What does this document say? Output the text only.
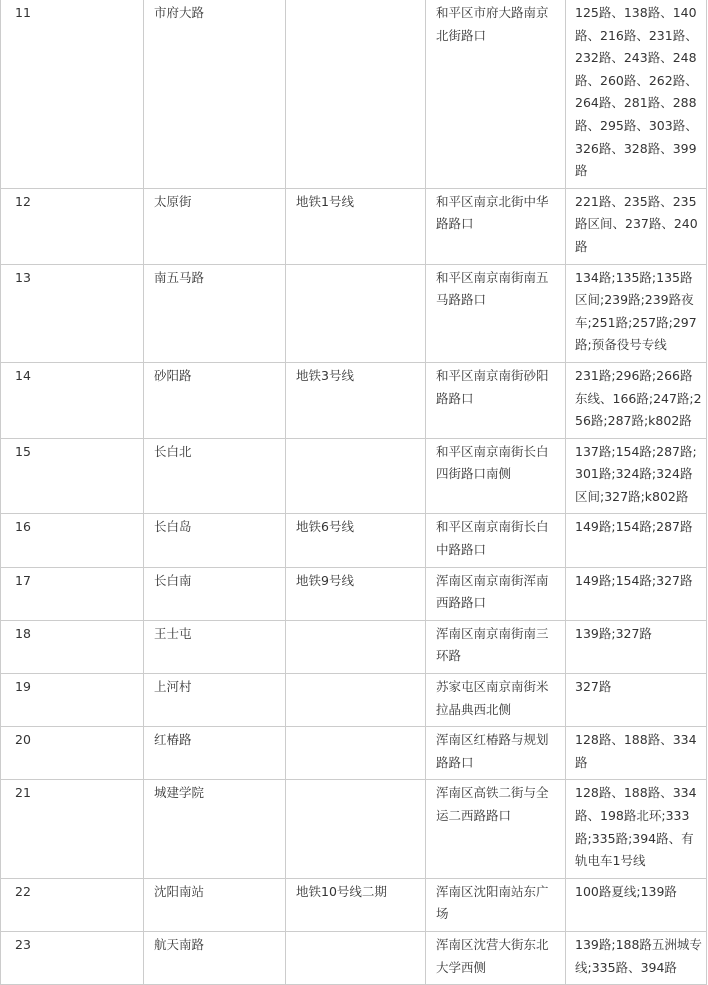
11	市府大路		和平区市府大路南京北街路口	125路、138路、140路、216路、231路、232路、243路、248路、260路、262路、264路、281路、288路、295路、303路、326路、328路、399路
12	太原街	地铁1号线	和平区南京北街中华路路口	221路、235路、235路区间、237路、240路
13	南五马路		和平区南京南街南五马路路口	134路;135路;135路区间;239路;239路夜车;251路;257路;297路;预备役号专线
14	砂阳路	地铁3号线	和平区南京南街砂阳路路口	231路;296路;266路东线、166路;247路;256路;287路;k802路
15	长白北		和平区南京南街长白四街路口南侧	137路;154路;287路;301路;324路;324路区间;327路;k802路
16	长白岛	地铁6号线	和平区南京南街长白中路路口	149路;154路;287路
17	长白南	地铁9号线	浑南区南京南街浑南西路路口	149路;154路;327路
18	王士屯		浑南区南京南街南三环路	139路;327路
19	上河村		苏家屯区南京南街米拉晶典西北侧	327路
20	红椿路		浑南区红椿路与规划路路口	128路、188路、334路
21	城建学院		浑南区高铁二街与全运二西路路口	128路、188路、334路、198路北环;333路;335路;394路、有轨电车1号线
22	沈阳南站	地铁10号线二期	浑南区沈阳南站东广场	100路夏线;139路
23	航天南路		浑南区沈营大街东北大学西侧	139路;188路五洲城专线;335路、394路
